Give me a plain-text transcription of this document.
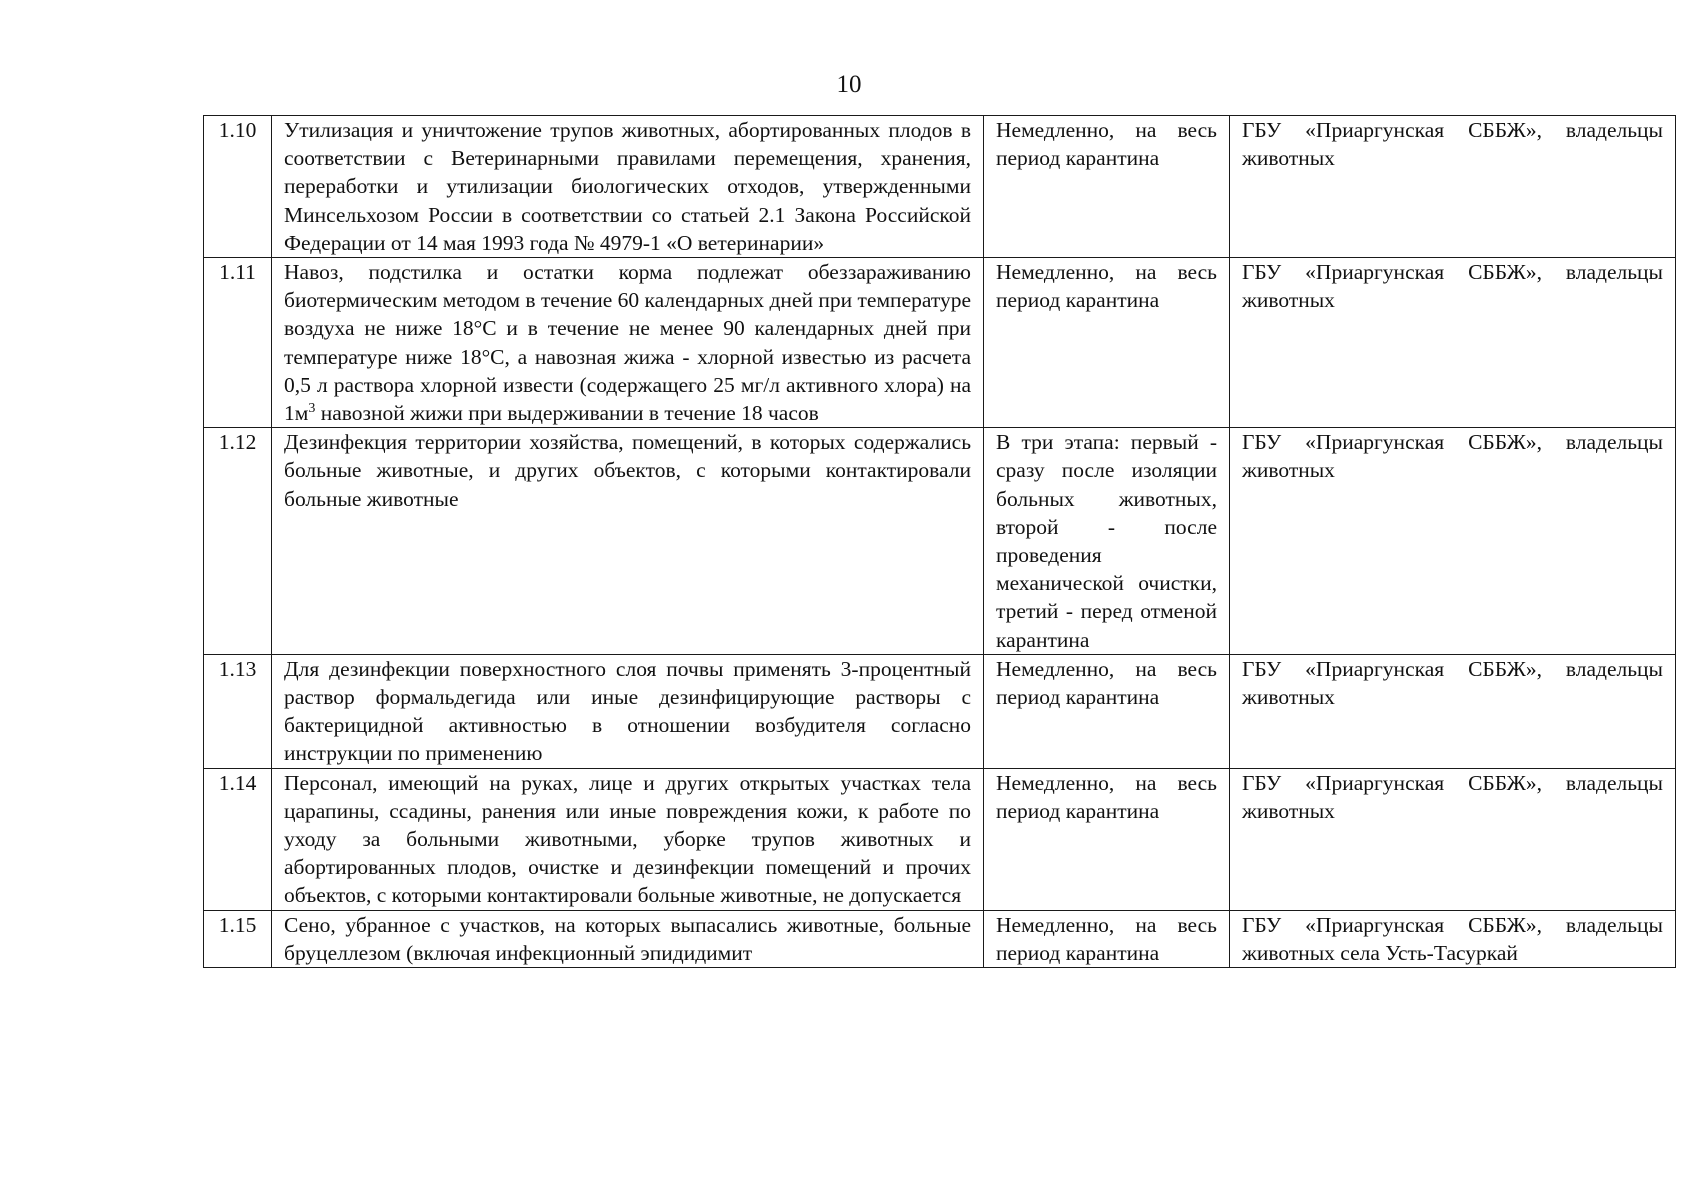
10
1.10	Утилизация и уничтожение трупов животных, абортированных плодов в соответствии с Ветеринарными правилами перемещения, хранения, переработки и утилизации биологических отходов, утвержденными Минсельхозом России в соответствии со статьей 2.1 Закона Российской Федерации от 14 мая 1993 года № 4979-1 «О ветеринарии»	Немедленно, на весь период карантина	ГБУ «Приаргунская СББЖ», владельцы животных
1.11	Навоз, подстилка и остатки корма подлежат обеззараживанию биотермическим методом в течение 60 календарных дней при температуре воздуха не ниже 18°С и в течение не менее 90 календарных дней при температуре ниже 18°С, а навозная жижа - хлорной известью из расчета 0,5 л раствора хлорной извести (содержащего 25 мг/л активного хлора) на $1м^3$ навозной жижи при выдерживании в течение 18 часов	Немедленно, на весь период карантина	ГБУ «Приаргунская СББЖ», владельцы животных
1.12	Дезинфекция территории хозяйства, помещений, в которых содержались больные животные, и других объектов, с которыми контактировали больные животные	В три этапа: первый - сразу после изоляции больных животных, второй - после проведения механической очистки, третий - перед отменой карантина	ГБУ «Приаргунская СББЖ», владельцы животных
1.13	Для дезинфекции поверхностного слоя почвы применять 3-процентный раствор формальдегида или иные дезинфицирующие растворы с бактерицидной активностью в отношении возбудителя согласно инструкции по применению	Немедленно, на весь период карантина	ГБУ «Приаргунская СББЖ», владельцы животных
1.14	Персонал, имеющий на руках, лице и других открытых участках тела царапины, ссадины, ранения или иные повреждения кожи, к работе по уходу за больными животными, уборке трупов животных и абортированных плодов, очистке и дезинфекции помещений и прочих объектов, с которыми контактировали больные животные, не допускается	Немедленно, на весь период карантина	ГБУ «Приаргунская СББЖ», владельцы животных

1.15	Сено, убранное с участков, на которых выпасались животные, больные бруцеллезом (включая инфекционный эпидидимит	Немедленно, на весь период карантина	ГБУ «Приаргунская СББЖ», владельцы животных села Усть-Тасуркай
